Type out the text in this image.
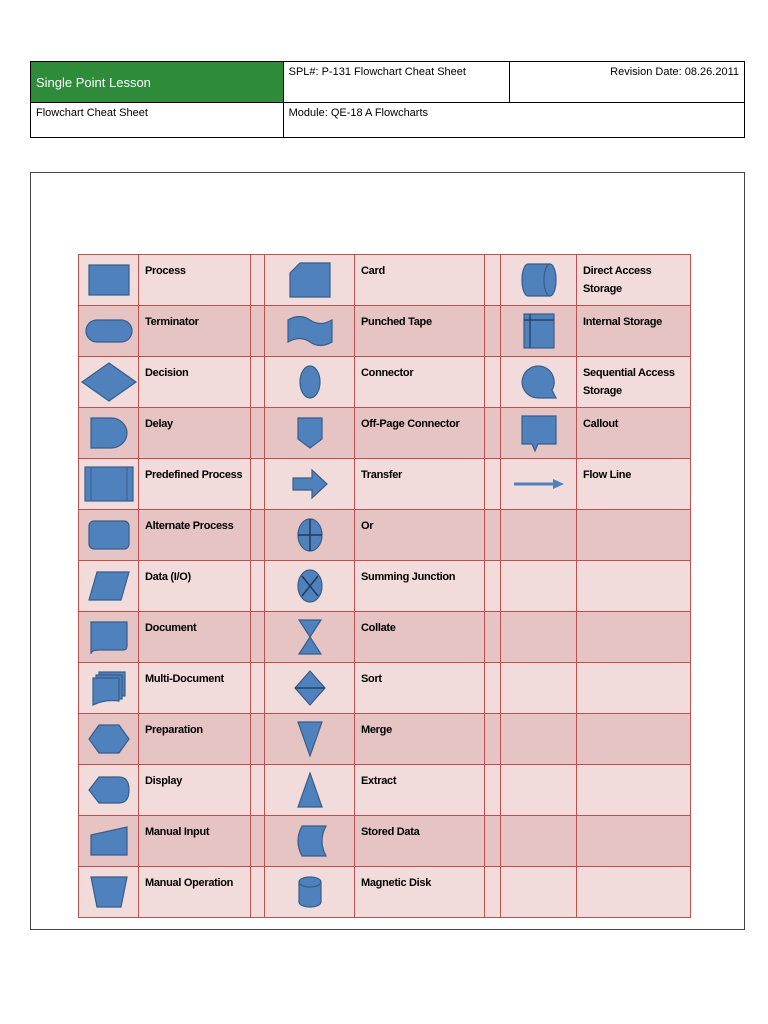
Single Point Lesson	SPL#: P-131 Flowchart Cheat Sheet	Revision Date: 08.26.2011
Flowchart Cheat Sheet	Module: QE-18 A Flowcharts	
	Process			Card			Direct Access Storage

	Terminator			Punched Tape			Internal Storage

	Decision			Connector			Sequential Access Storage

	Delay			Off-Page Connector			Callout

	Predefined Process			Transfer			Flow Line

	Alternate Process			Or			

	Data (I/O)			Summing Junction			

	Document			Collate			

	Multi-Document			Sort			

	Preparation			Merge			

	Display			Extract			

	Manual Input			Stored Data			

	Manual Operation			Magnetic Disk			
